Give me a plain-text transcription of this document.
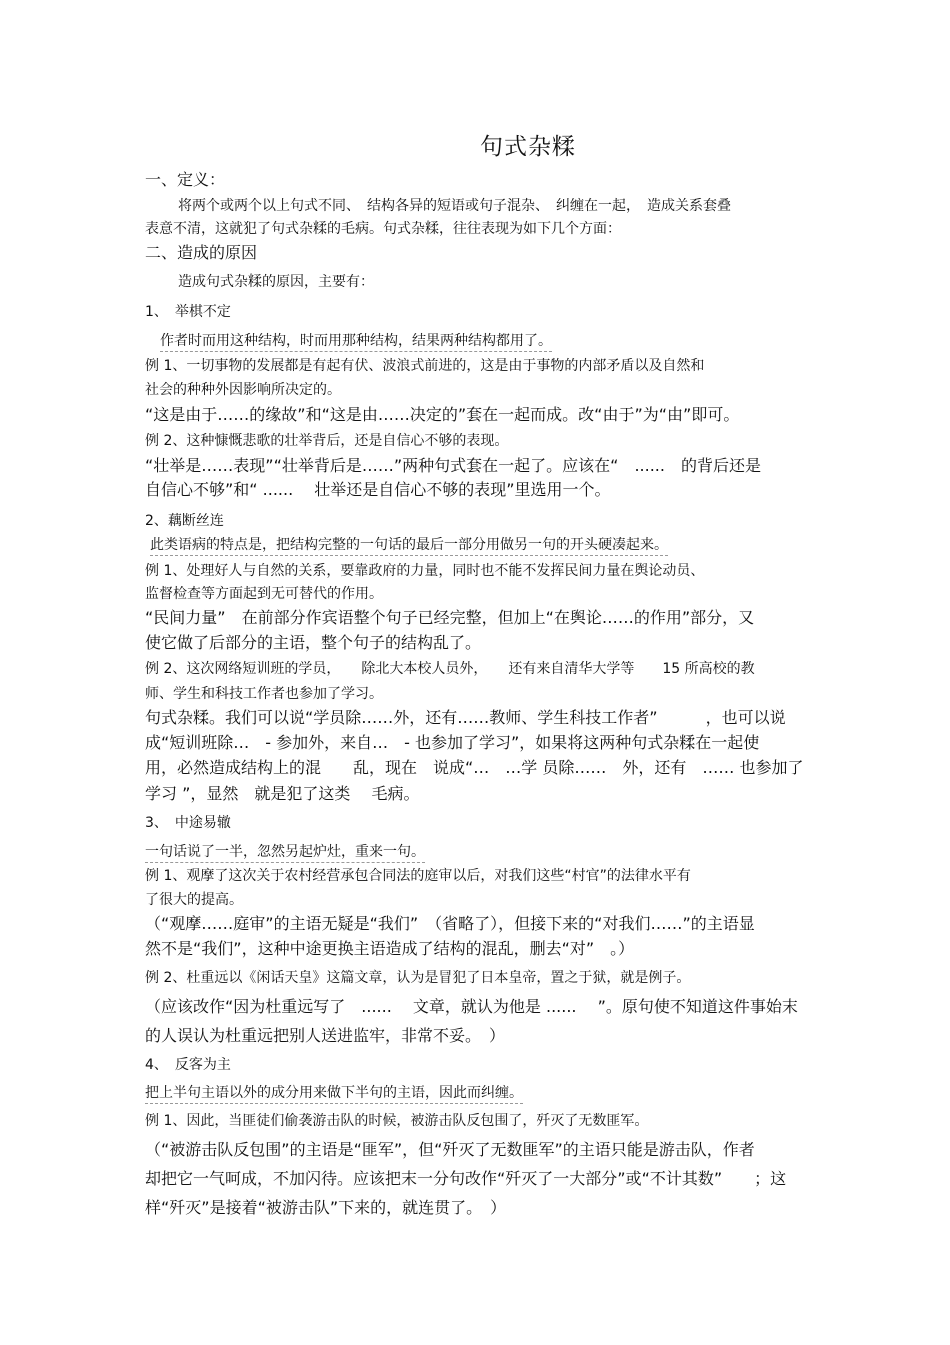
句式杂糅
一、定义：
将两个或两个以上句式不同、　结构各异的短语或句子混杂、　纠缠在一起，　造成关系套叠
表意不清，这就犯了句式杂糅的毛病。句式杂糅，往往表现为如下几个方面：
二、造成的原因
造成句式杂糅的原因，主要有：
1、　举棋不定
作者时而用这种结构，时而用那种结构，结果两种结构都用了。
例 1、一切事物的发展都是有起有伏、波浪式前进的，这是由于事物的内部矛盾以及自然和
社会的种种外因影响所决定的。
“这是由于……的缘故”和“这是由……决定的”套在一起而成。改“由于”为“由”即可。
例 2、这种慷慨悲歌的壮举背后，还是自信心不够的表现。
“壮举是……表现”“壮举背后是……”两种句式套在一起了。应该在“　......　的背后还是
自信心不够”和“ ......　 壮举还是自信心不够的表现”里选用一个。
2、藕断丝连
此类语病的特点是，把结构完整的一句话的最后一部分用做另一句的开头硬凑起来。
例 1、处理好人与自然的关系，要靠政府的力量，同时也不能不发挥民间力量在舆论动员、
监督检查等方面起到无可替代的作用。
“民间力量”　在前部分作宾语整个句子已经完整，但加上“在舆论……的作用”部分，又
使它做了后部分的主语，整个句子的结构乱了。
例 2、这次网络短训班的学员，　　除北大本校人员外，　　还有来自清华大学等　　15 所高校的教
师、学生和科技工作者也参加了学习。
句式杂糅。我们可以说“学员除……外，还有……教师、学生科技工作者”　　　，也可以说
成“短训班除…　- 参加外，来自…　- 也参加了学习”，如果将这两种句式杂糅在一起使
用，必然造成结构上的混　　乱，现在　说成“…　…学 员除……　外，还有　…… 也参加了
学习 ”，显然　就是犯了这类　 毛病。
3、　中途易辙
一句话说了一半，忽然另起炉灶，重来一句。
例 1、观摩了这次关于农村经营承包合同法的庭审以后，对我们这些“村官”的法律水平有
了很大的提高。
（“观摩……庭审”的主语无疑是“我们”　（省略了），但接下来的“对我们……”的主语显
然不是“我们”，这种中途更换主语造成了结构的混乱，删去“对”　。）
例 2、杜重远以《闲话天皇》这篇文章，认为是冒犯了日本皇帝，置之于狱，就是例子。
（应该改作“因为杜重远写了　......　 文章，就认为他是 ......　 ”。原句使不知道这件事始末
的人误认为杜重远把别人送进监牢，非常不妥。　）
4、　反客为主
把上半句主语以外的成分用来做下半句的主语，因此而纠缠。
例 1、因此，当匪徒们偷袭游击队的时候，被游击队反包围了，歼灭了无数匪军。
（“被游击队反包围”的主语是“匪军”，但“歼灭了无数匪军”的主语只能是游击队，作者
却把它一气呵成，不加闪待。应该把末一分句改作“歼灭了一大部分”或“不计其数”　　；这
样“歼灭”是接着“被游击队”下来的，就连贯了。　）
